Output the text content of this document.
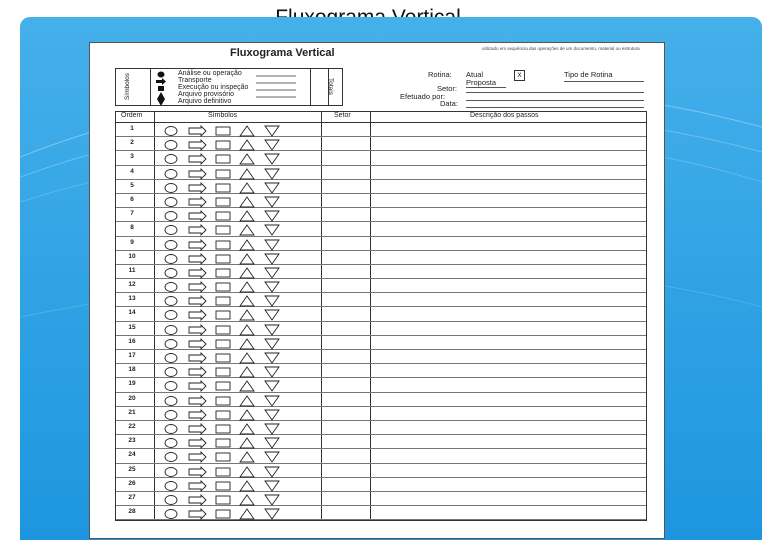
Fluxograma Vertical	utilizado em sequência das operações de um documento, material ou estrutura
Símbolos	Análise ou operação
Transporte
Execução ou inspeção
Arquivo provisório
Arquivo definitivo
Totais
Rotina: Atual
Proposta
X	Tipo de Rotina
Setor:
Efetuado por:
Data:
Ordem	Símbolos	Setor	Descrição dos passos
1
2
3
4
5
6
7
8
9
10
11
12
13
14
15
16
17
18
19
20
21
22
23
24
25
26
27
28
